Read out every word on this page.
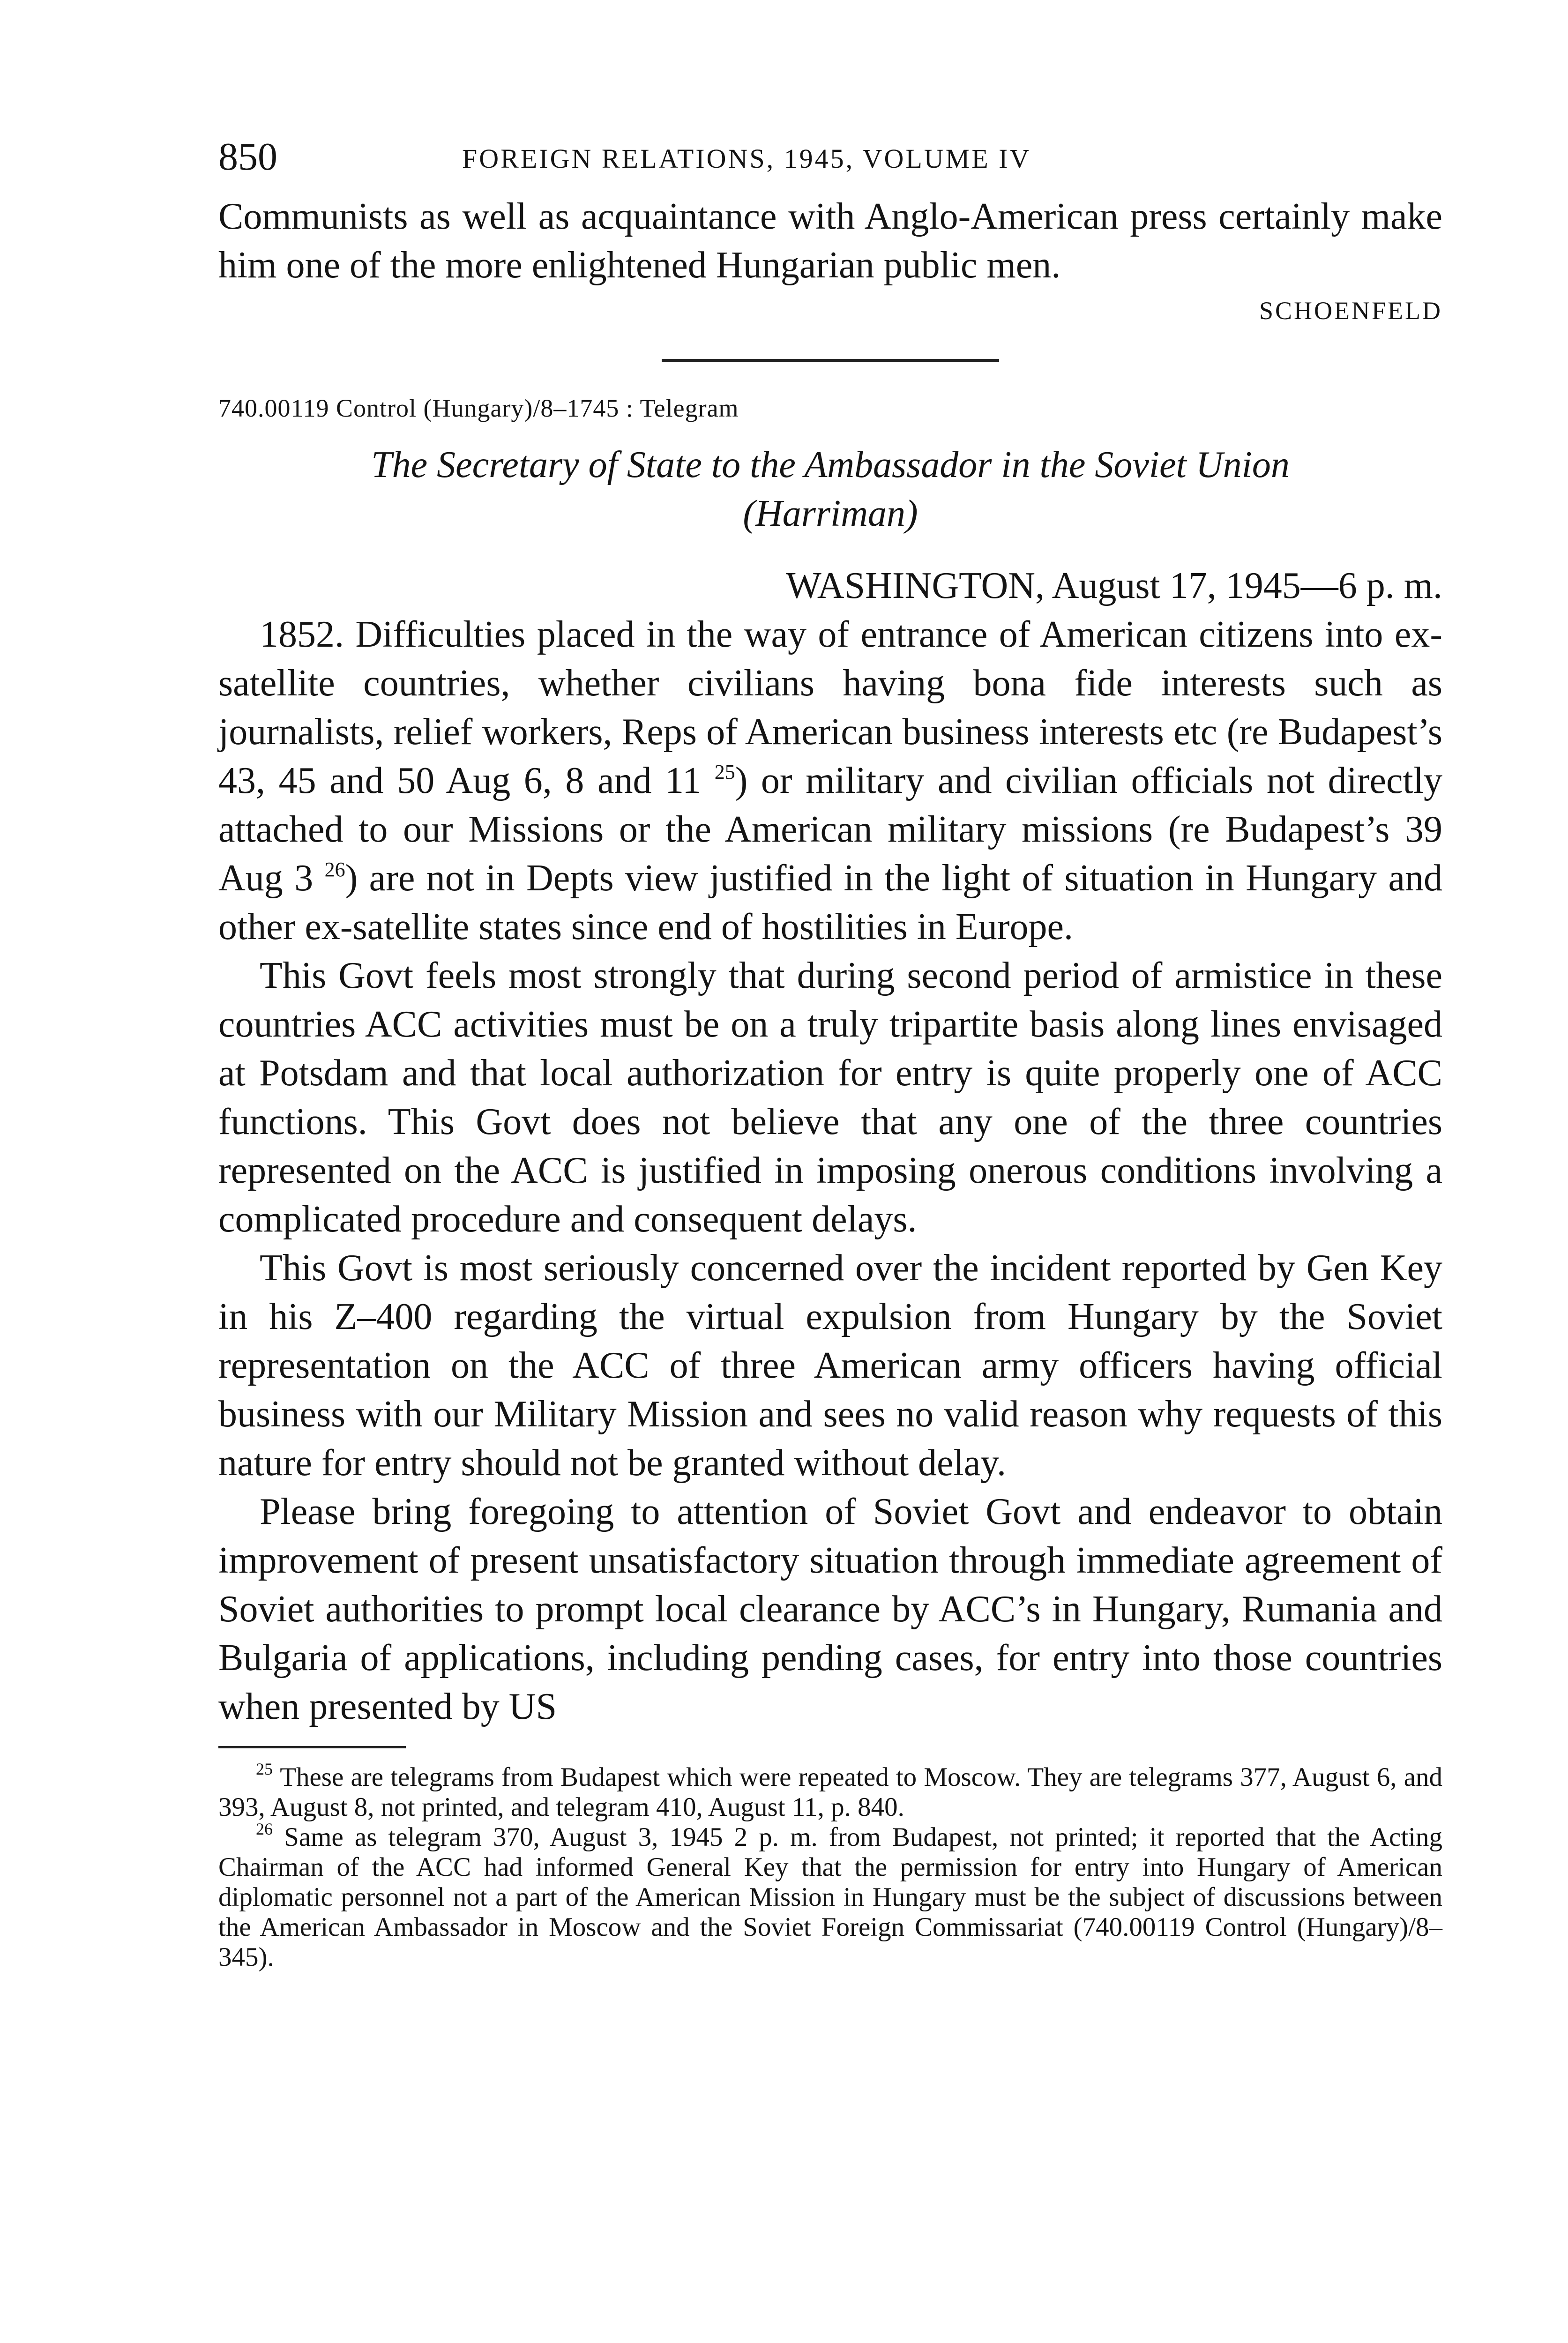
850	FOREIGN RELATIONS, 1945, VOLUME IV

Communists as well as acquaintance with Anglo-American press certainly make him one of the more enlightened Hungarian public men.

SCHOENFELD
740.00119 Control (Hungary)/8–1745 : Telegram

The Secretary of State to the Ambassador in the Soviet Union
(Harriman)

WASHINGTON, August 17, 1945—6 p. m.

1852. Difficulties placed in the way of entrance of American citizens into ex-satellite countries, whether civilians having bona fide interests such as journalists, relief workers, Reps of American business interests etc (re Budapest’s 43, 45 and 50 Aug 6, 8 and 11 $^{25}$) or military and civilian officials not directly attached to our Missions or the American military missions (re Budapest’s 39 Aug 3 $^{26}$) are not in Depts view justified in the light of situation in Hungary and other ex-satellite states since end of hostilities in Europe.

This Govt feels most strongly that during second period of armistice in these countries ACC activities must be on a truly tripartite basis along lines envisaged at Potsdam and that local authorization for entry is quite properly one of ACC functions. This Govt does not believe that any one of the three countries represented on the ACC is justified in imposing onerous conditions involving a complicated procedure and consequent delays.

This Govt is most seriously concerned over the incident reported by Gen Key in his Z–400 regarding the virtual expulsion from Hungary by the Soviet representation on the ACC of three American army officers having official business with our Military Mission and sees no valid reason why requests of this nature for entry should not be granted without delay.

Please bring foregoing to attention of Soviet Govt and endeavor to obtain improvement of present unsatisfactory situation through immediate agreement of Soviet authorities to prompt local clearance by ACC’s in Hungary, Rumania and Bulgaria of applications, including pending cases, for entry into those countries when presented by US

$^{25}$ These are telegrams from Budapest which were repeated to Moscow. They are telegrams 377, August 6, and 393, August 8, not printed, and telegram 410, August 11, p. 840.

$^{26}$ Same as telegram 370, August 3, 1945 2 p. m. from Budapest, not printed; it reported that the Acting Chairman of the ACC had informed General Key that the permission for entry into Hungary of American diplomatic personnel not a part of the American Mission in Hungary must be the subject of discussions between the American Ambassador in Moscow and the Soviet Foreign Commissariat (740.00119 Control (Hungary)/8–345).
